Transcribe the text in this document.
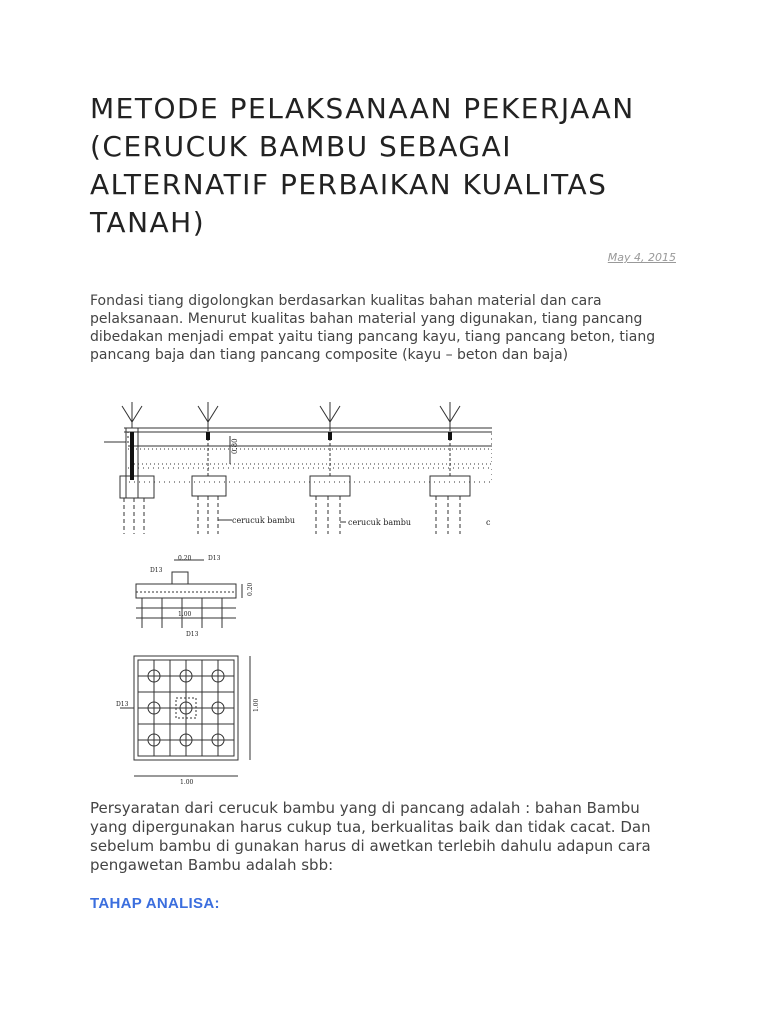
METODE PELAKSANAAN PEKERJAAN (CERUCUK BAMBU SEBAGAI ALTERNATIF PERBAIKAN KUALITAS TANAH)
May 4, 2015

Fondasi tiang digolongkan berdasarkan kualitas bahan material dan cara pelaksanaan. Menurut kualitas bahan material yang digunakan, tiang pancang dibedakan menjadi empat yaitu tiang pancang kayu, tiang pancang beton, tiang pancang baja dan tiang pancang composite (kayu – beton dan baja)

0.80
cerucuk bambu	cerucuk bambu	c
0.20	D13
D13
0.20
1.00
D13
D13	1.00
1.00

Persyaratan dari cerucuk bambu yang di pancang adalah : bahan Bambu yang dipergunakan harus cukup tua, berkualitas baik dan tidak cacat. Dan sebelum bambu di gunakan harus di awetkan terlebih dahulu adapun cara pengawetan Bambu adalah sbb:

TAHAP ANALISA:
